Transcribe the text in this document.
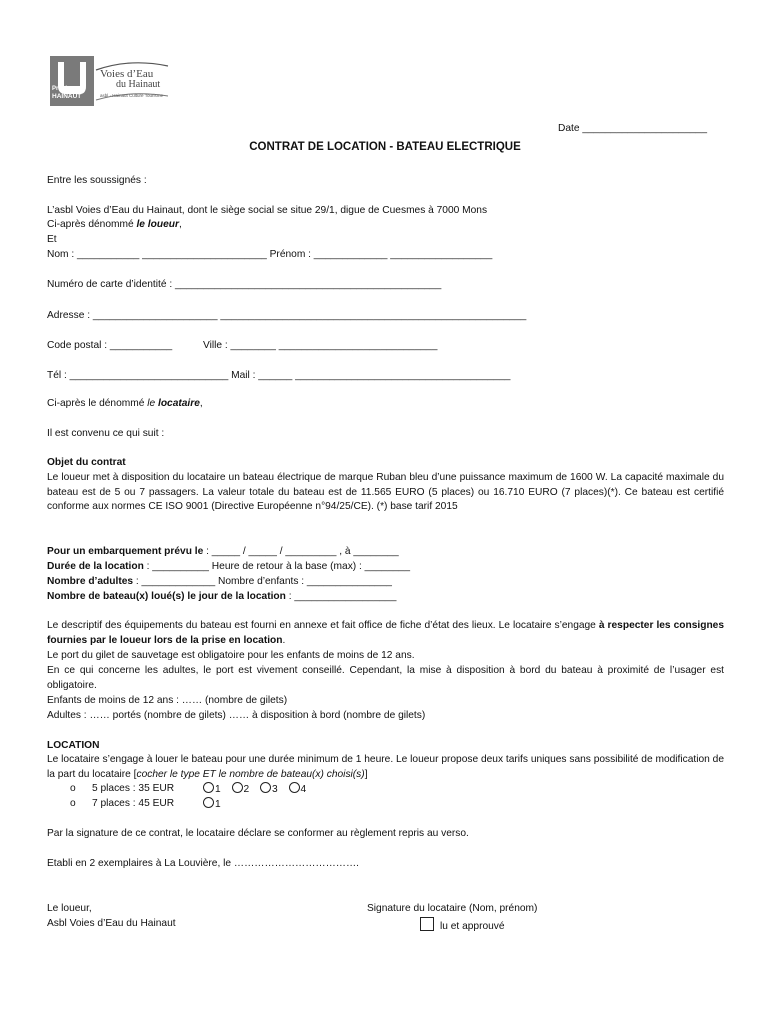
Province de
HAINAUT
Voies d’Eau
du Hainaut
asbl · Hainaut Culture Tourisme
Date ______________________
CONTRAT DE LOCATION - BATEAU ELECTRIQUE
Entre les soussignés :
L’asbl Voies d’Eau du Hainaut, dont le siège social se situe 29/1, digue de Cuesmes à 7000 Mons
Ci-après dénommé le loueur,
Et
Nom : ___________ ______________________ Prénom : _____________ __________________
Numéro de carte d’identité : _______________________________________________
Adresse : ______________________ ______________________________________________________
Code postal : ___________	Ville : ________ ____________________________
Tél : ____________________________ Mail : ______ ______________________________________
Ci-après le dénommé le locataire,
Il est convenu ce qui suit :
Objet du contrat
Le loueur met à disposition du locataire un bateau électrique de marque Ruban bleu d’une puissance maximum de 1600 W. La capacité maximale du bateau est de 5 ou 7 passagers. La valeur totale du bateau est de 11.565 EURO (5 places) ou 16.710 EURO (7 places)(*). Ce bateau est certifié conforme aux normes CE ISO 9001 (Directive Européenne n°94/25/CE). (*) base tarif 2015
Pour un embarquement prévu le : _____ / _____ / _________ , à ________
Durée de la location : __________ Heure de retour à la base (max) : ________
Nombre d’adultes : _____________ Nombre d’enfants : _______________
Nombre de bateau(x) loué(s) le jour de la location : __________________
Le descriptif des équipements du bateau est fourni en annexe et fait office de fiche d’état des lieux. Le locataire s’engage à respecter les consignes fournies par le loueur lors de la prise en location.
Le port du gilet de sauvetage est obligatoire pour les enfants de moins de 12 ans.
En ce qui concerne les adultes, le port est vivement conseillé. Cependant, la mise à disposition à bord du bateau à proximité de l’usager est obligatoire.
Enfants de moins de 12 ans : …… (nombre de gilets)
Adultes : …… portés (nombre de gilets) …… à disposition à bord (nombre de gilets)
LOCATION
Le locataire s’engage à louer le bateau pour une durée minimum de 1 heure. Le loueur propose deux tarifs uniques sans possibilité de modification de la part du locataire [cocher le type ET le nombre de bateau(x) choisi(s)]
o 5 places : 35 EUR	1 2 3 4
o 7 places : 45 EUR	1
Par la signature de ce contrat, le locataire déclare se conformer au règlement repris au verso.
Etabli en 2 exemplaires à La Louvière, le ……………………………….
Le loueur,
Asbl Voies d’Eau du Hainaut
Signature du locataire (Nom, prénom)
lu et approuvé
